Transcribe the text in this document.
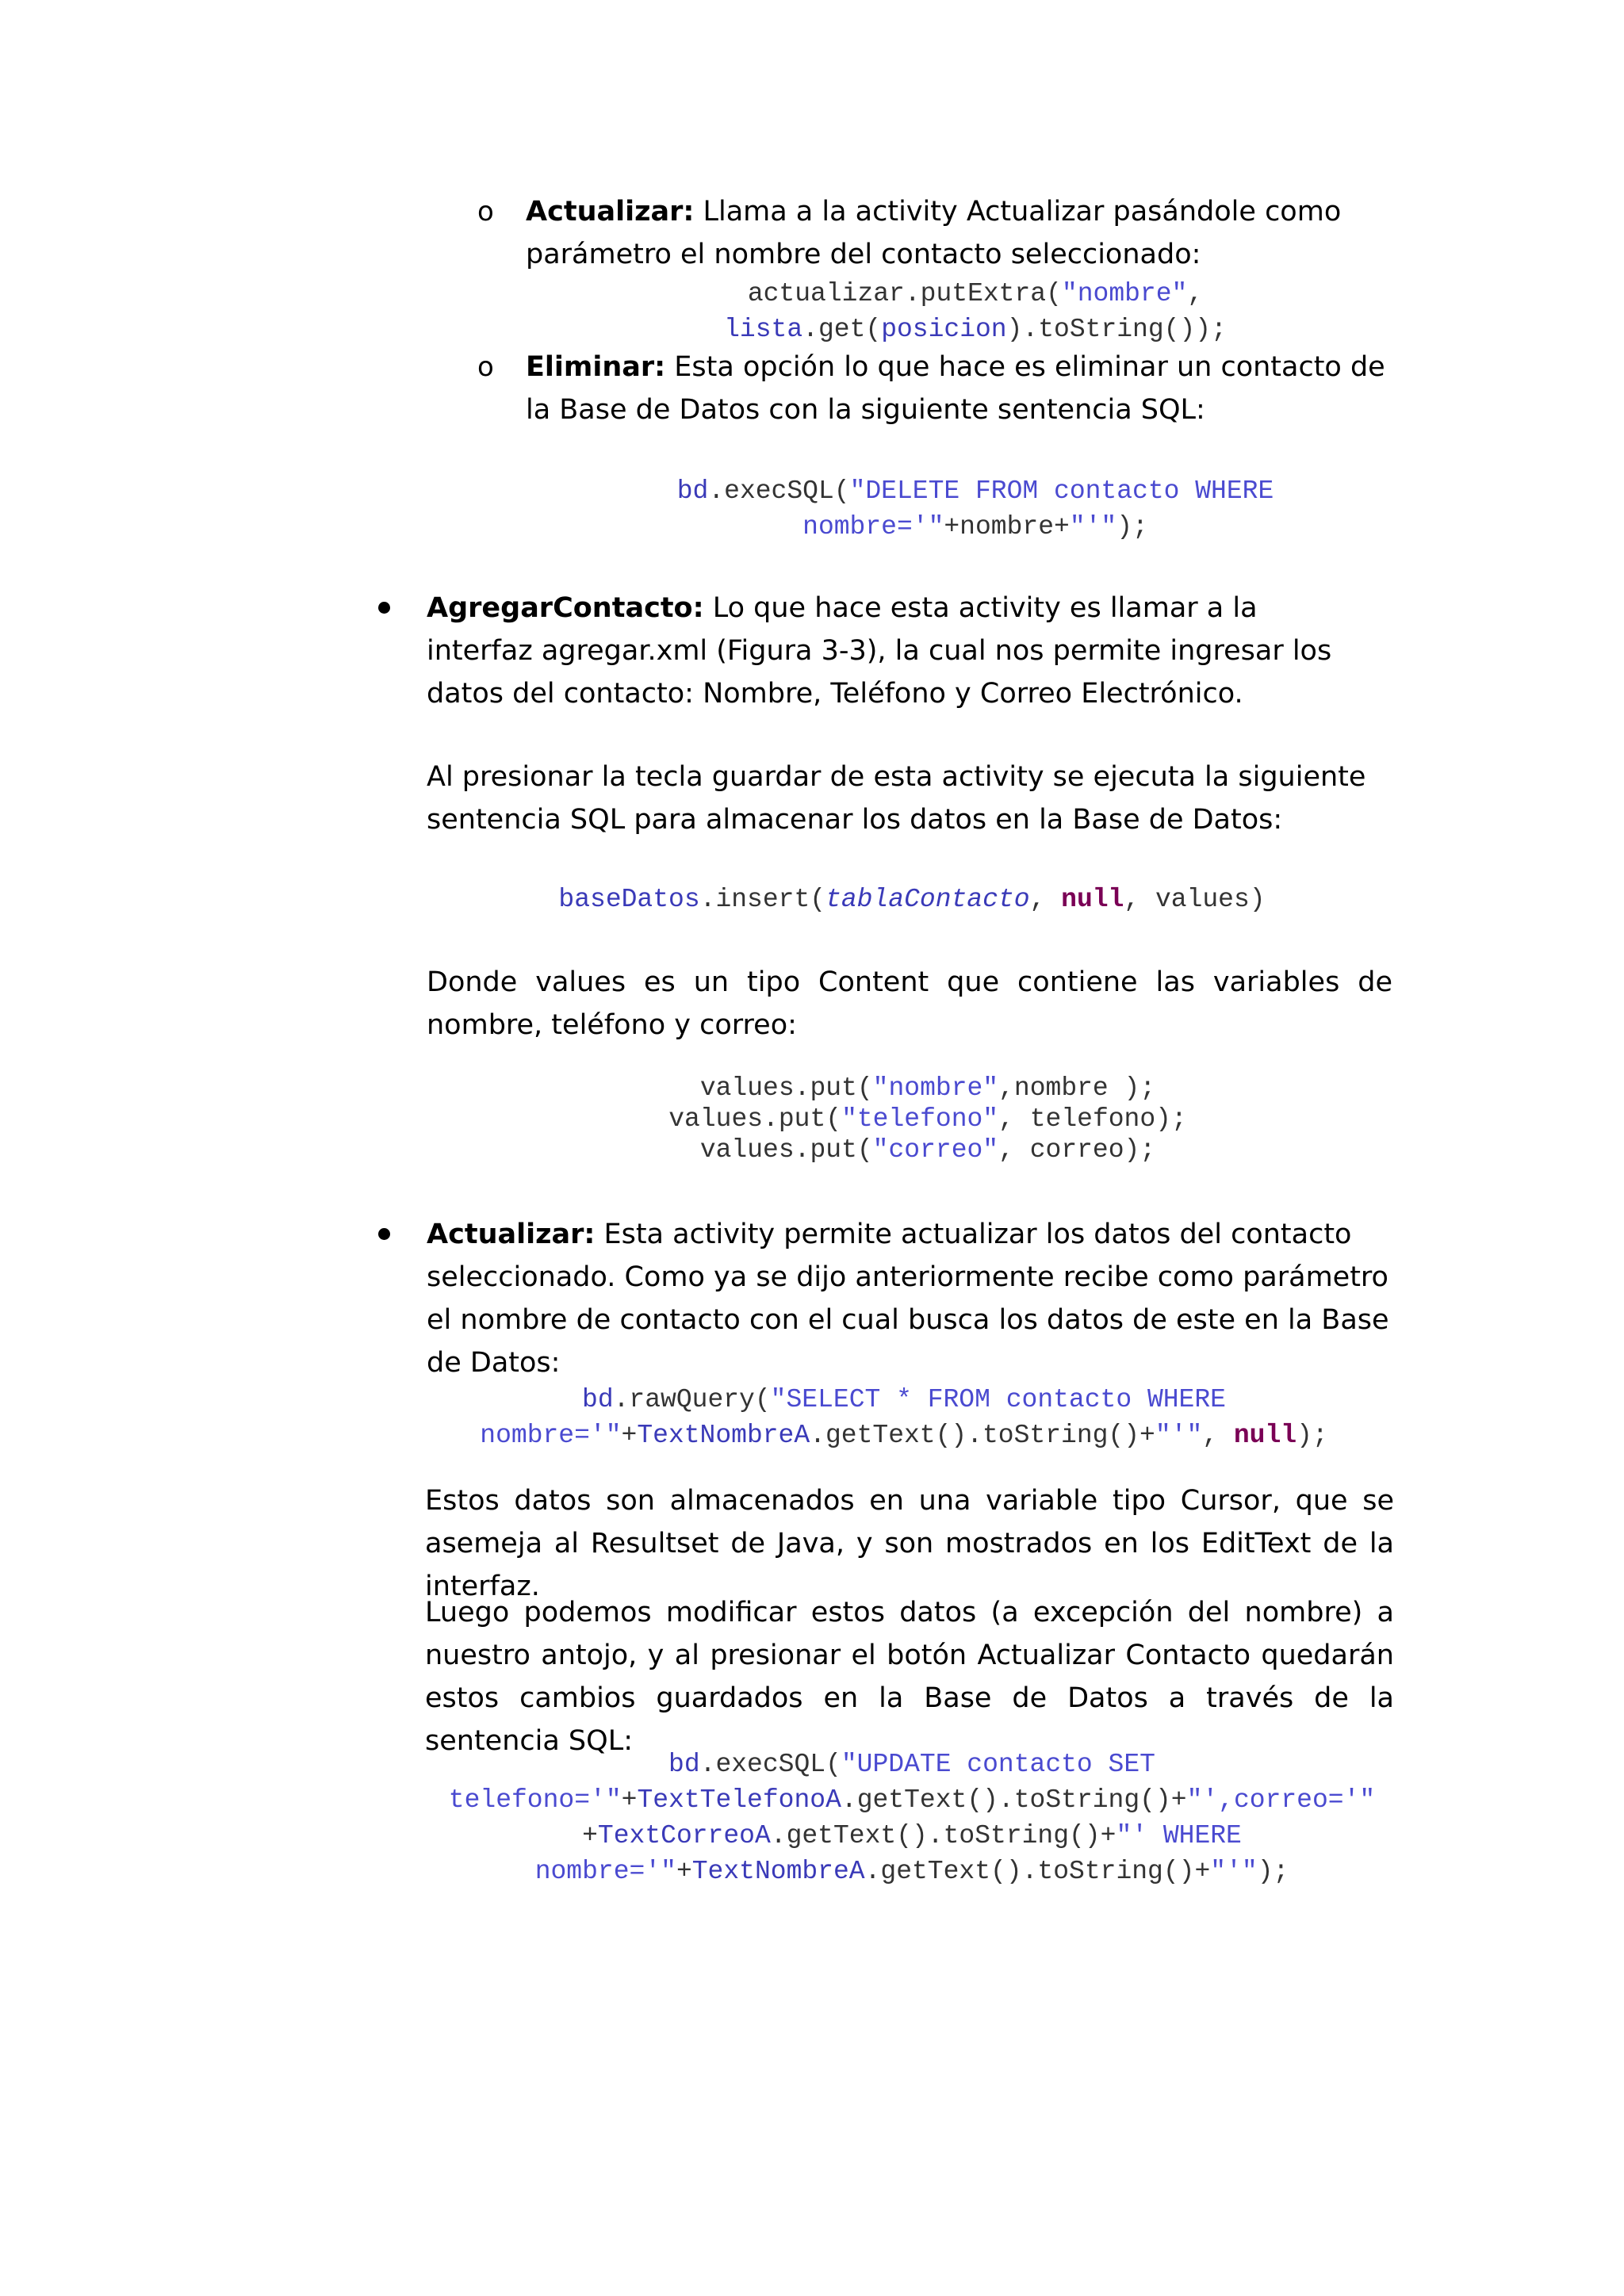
o Actualizar: Llama a la activity Actualizar pasándole como parámetro el nombre del contacto seleccionado:

actualizar.putExtra("nombre",
lista.get(posicion).toString());
o Eliminar: Esta opción lo que hace es eliminar un contacto de la Base de Datos con la siguiente sentencia SQL:

bd.execSQL("DELETE FROM contacto WHERE
nombre='"+nombre+"'");

AgregarContacto: Lo que hace esta activity es llamar a la interfaz agregar.xml (Figura 3-3), la cual nos permite ingresar los datos del contacto: Nombre, Teléfono y Correo Electrónico.

Al presionar la tecla guardar de esta activity se ejecuta la siguiente sentencia SQL para almacenar los datos en la Base de Datos:

baseDatos.insert(tablaContacto, null, values)

Donde values es un tipo Content que contiene las variables de nombre, teléfono y correo:

values.put("nombre",nombre );
values.put("telefono", telefono);
values.put("correo", correo);

Actualizar: Esta activity permite actualizar los datos del contacto seleccionado. Como ya se dijo anteriormente recibe como parámetro el nombre de contacto con el cual busca los datos de este en la Base de Datos:

bd.rawQuery("SELECT * FROM contacto WHERE
nombre='"+TextNombreA.getText().toString()+"'", null);

Estos datos son almacenados en una variable tipo Cursor, que se asemeja al Resultset de Java, y son mostrados en los EditText de la interfaz.

Luego podemos modificar estos datos (a excepción del nombre) a nuestro antojo, y al presionar el botón Actualizar Contacto quedarán estos cambios guardados en la Base de Datos a través de la sentencia SQL:

bd.execSQL("UPDATE contacto SET
telefono='"+TextTelefonoA.getText().toString()+"',correo='"
+TextCorreoA.getText().toString()+"' WHERE
nombre='"+TextNombreA.getText().toString()+"'");
